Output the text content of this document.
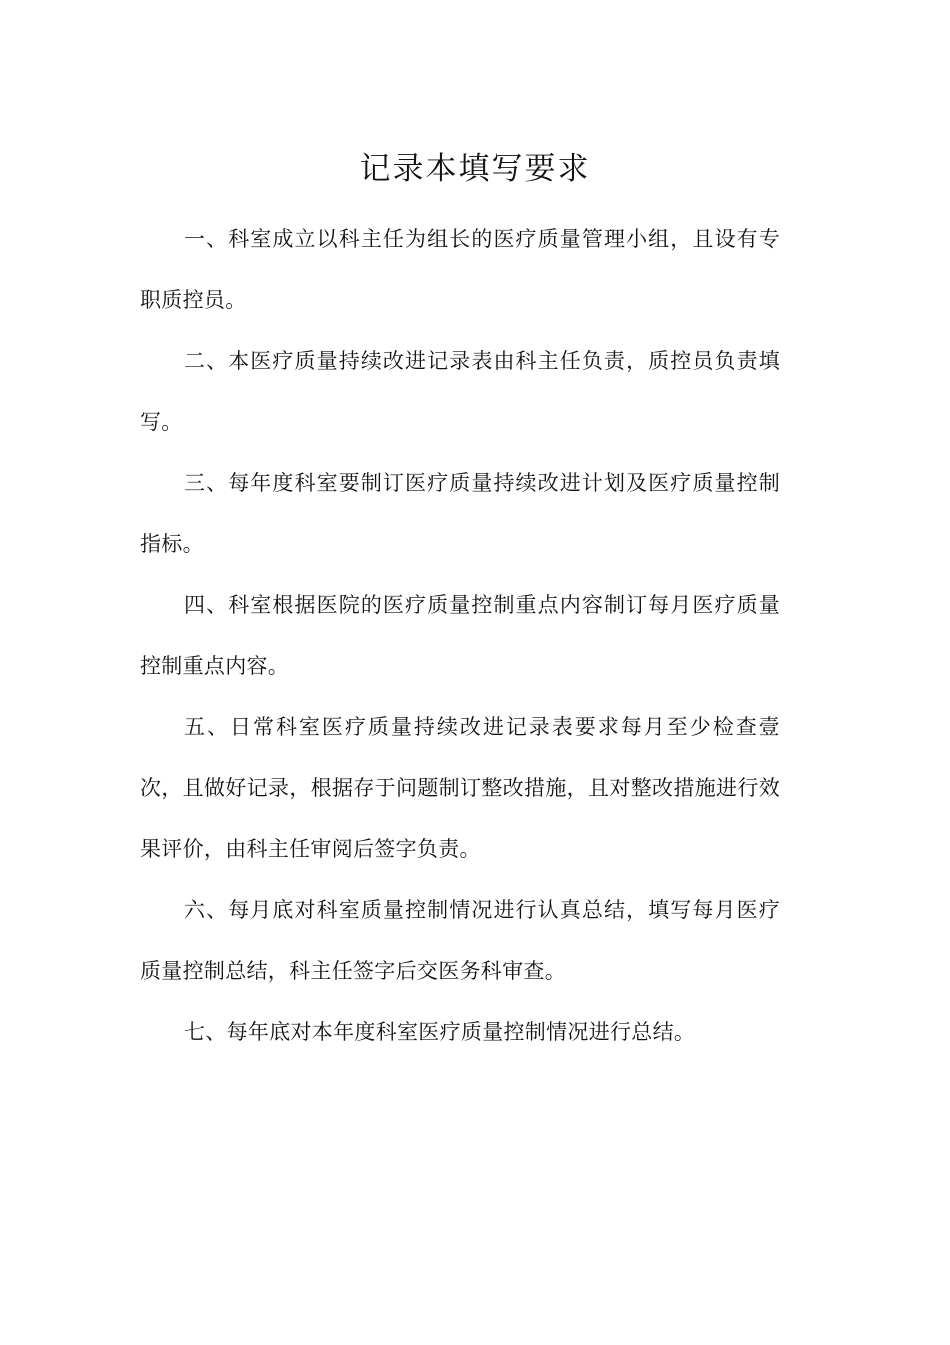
记录本填写要求

一、科室成立以科主任为组长的医疗质量管理小组，且设有专职质控员。

二、本医疗质量持续改进记录表由科主任负责，质控员负责填写。

三、每年度科室要制订医疗质量持续改进计划及医疗质量控制指标。

四、科室根据医院的医疗质量控制重点内容制订每月医疗质量控制重点内容。

五、日常科室医疗质量持续改进记录表要求每月至少检查壹次，且做好记录，根据存于问题制订整改措施，且对整改措施进行效果评价，由科主任审阅后签字负责。

六、每月底对科室质量控制情况进行认真总结，填写每月医疗质量控制总结，科主任签字后交医务科审查。

七、每年底对本年度科室医疗质量控制情况进行总结。
